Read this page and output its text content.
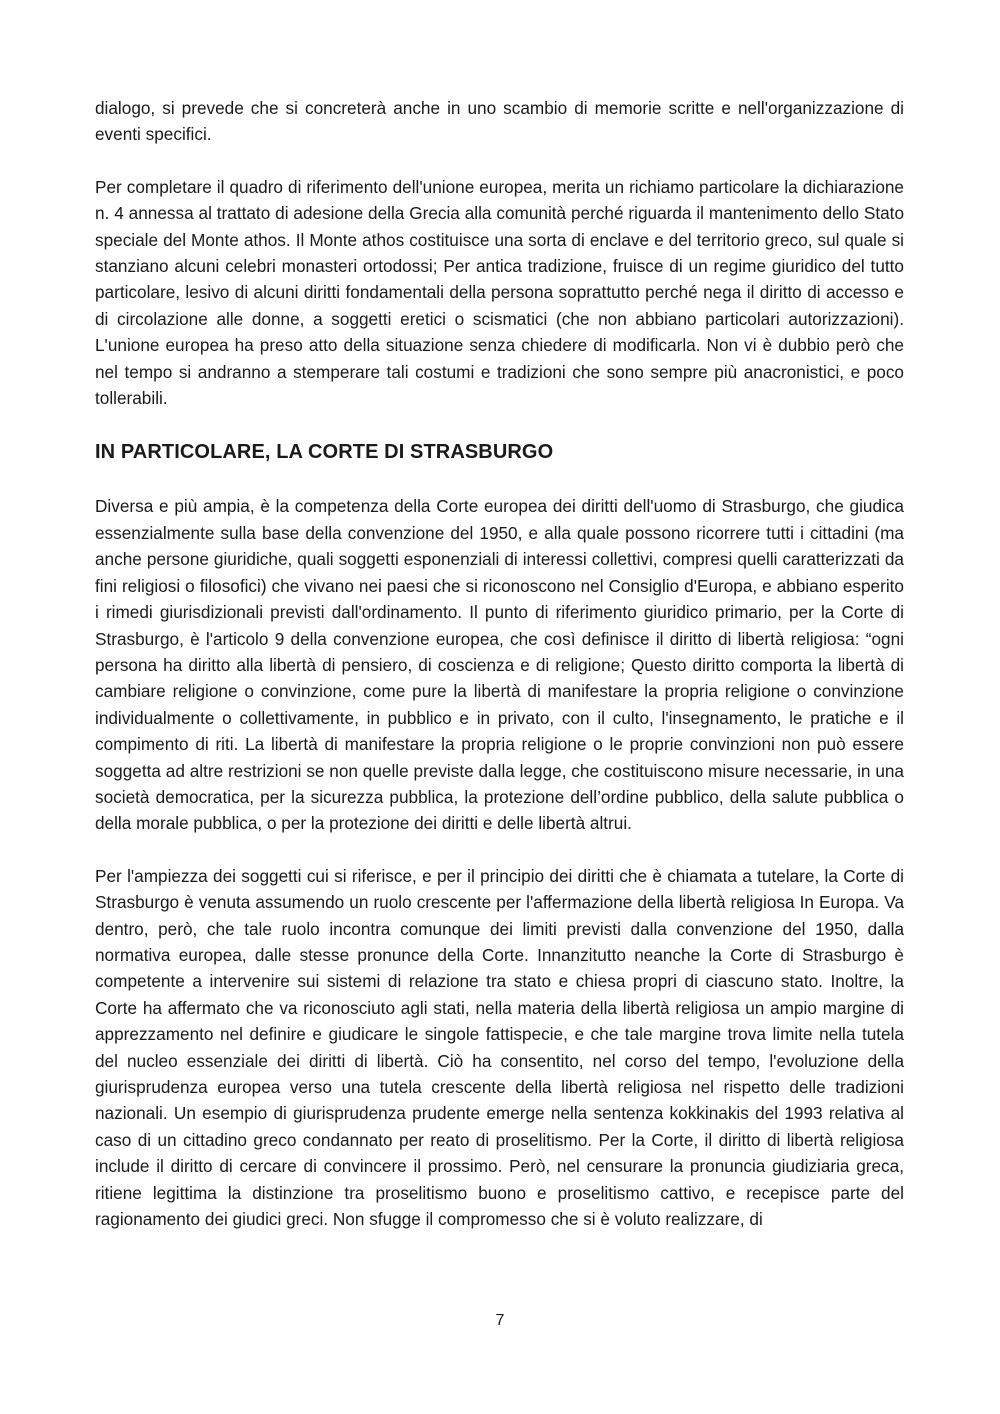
dialogo, si prevede che si concreterà anche in uno scambio di memorie scritte e nell'organizzazione di eventi specifici.

Per completare il quadro di riferimento dell'unione europea, merita un richiamo particolare la dichiarazione n. 4 annessa al trattato di adesione della Grecia alla comunità perché riguarda il mantenimento dello Stato speciale del Monte athos. Il Monte athos costituisce una sorta di enclave e del territorio greco, sul quale si stanziano alcuni celebri monasteri ortodossi; Per antica tradizione, fruisce di un regime giuridico del tutto particolare, lesivo di alcuni diritti fondamentali della persona soprattutto perché nega il diritto di accesso e di circolazione alle donne, a soggetti eretici o scismatici (che non abbiano particolari autorizzazioni). L'unione europea ha preso atto della situazione senza chiedere di modificarla. Non vi è dubbio però che nel tempo si andranno a stemperare tali costumi e tradizioni che sono sempre più anacronistici, e poco tollerabili.

IN PARTICOLARE, LA CORTE DI STRASBURGO

Diversa e più ampia, è la competenza della Corte europea dei diritti dell'uomo di Strasburgo, che giudica essenzialmente sulla base della convenzione del 1950, e alla quale possono ricorrere tutti i cittadini (ma anche persone giuridiche, quali soggetti esponenziali di interessi collettivi, compresi quelli caratterizzati da fini religiosi o filosofici) che vivano nei paesi che si riconoscono nel Consiglio d'Europa, e abbiano esperito i rimedi giurisdizionali previsti dall'ordinamento. Il punto di riferimento giuridico primario, per la Corte di Strasburgo, è l'articolo 9 della convenzione europea, che così definisce il diritto di libertà religiosa: “ogni persona ha diritto alla libertà di pensiero, di coscienza e di religione; Questo diritto comporta la libertà di cambiare religione o convinzione, come pure la libertà di manifestare la propria religione o convinzione individualmente o collettivamente, in pubblico e in privato, con il culto, l'insegnamento, le pratiche e il compimento di riti. La libertà di manifestare la propria religione o le proprie convinzioni non può essere soggetta ad altre restrizioni se non quelle previste dalla legge, che costituiscono misure necessarie, in una società democratica, per la sicurezza pubblica, la protezione dell’ordine pubblico, della salute pubblica o della morale pubblica, o per la protezione dei diritti e delle libertà altrui.

Per l'ampiezza dei soggetti cui si riferisce, e per il principio dei diritti che è chiamata a tutelare, la Corte di Strasburgo è venuta assumendo un ruolo crescente per l'affermazione della libertà religiosa In Europa. Va dentro, però, che tale ruolo incontra comunque dei limiti previsti dalla convenzione del 1950, dalla normativa europea, dalle stesse pronunce della Corte. Innanzitutto neanche la Corte di Strasburgo è competente a intervenire sui sistemi di relazione tra stato e chiesa propri di ciascuno stato. Inoltre, la Corte ha affermato che va riconosciuto agli stati, nella materia della libertà religiosa un ampio margine di apprezzamento nel definire e giudicare le singole fattispecie, e che tale margine trova limite nella tutela del nucleo essenziale dei diritti di libertà. Ciò ha consentito, nel corso del tempo, l'evoluzione della giurisprudenza europea verso una tutela crescente della libertà religiosa nel rispetto delle tradizioni nazionali. Un esempio di giurisprudenza prudente emerge nella sentenza kokkinakis del 1993 relativa al caso di un cittadino greco condannato per reato di proselitismo. Per la Corte, il diritto di libertà religiosa include il diritto di cercare di convincere il prossimo. Però, nel censurare la pronuncia giudiziaria greca, ritiene legittima la distinzione tra proselitismo buono e proselitismo cattivo, e recepisce parte del ragionamento dei giudici greci. Non sfugge il compromesso che si è voluto realizzare, di

7
